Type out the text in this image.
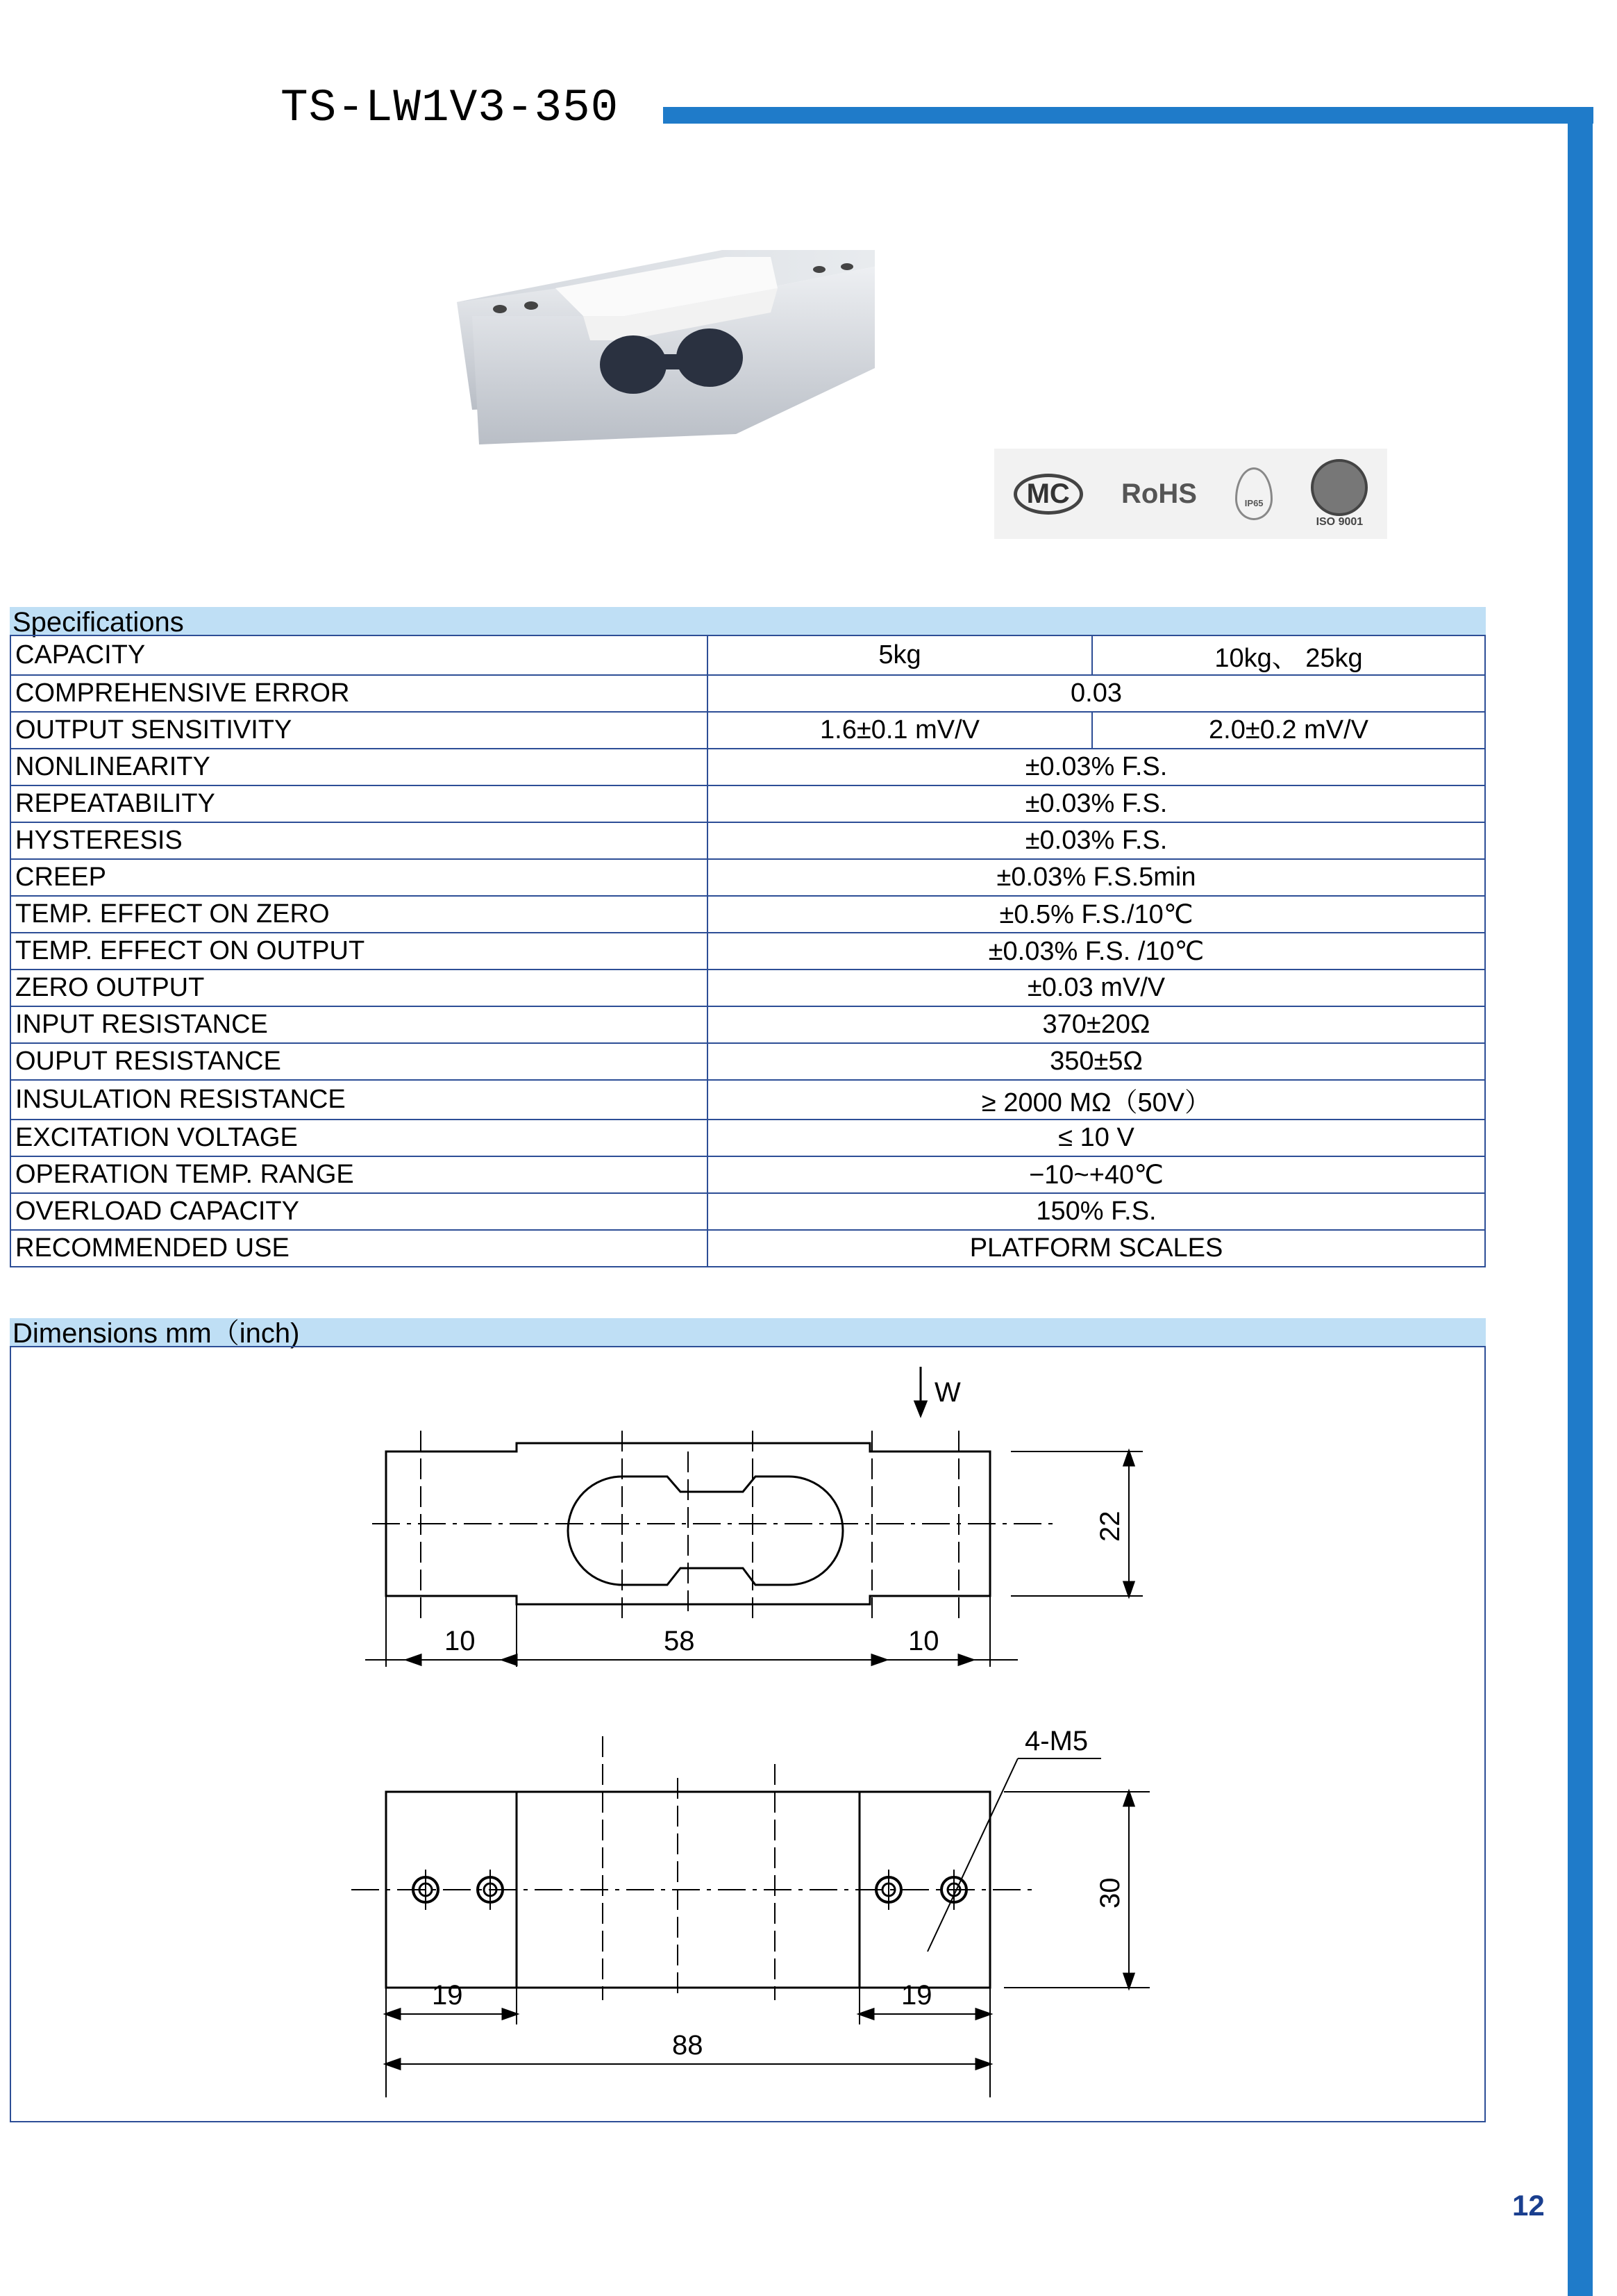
TS-LW1V3-350
MC	RoHS	IP65
ISO 9001
Specifications
CAPACITY	5kg	10kg、 25kg
COMPREHENSIVE ERROR	0.03	
OUTPUT SENSITIVITY	1.6±0.1 mV/V	2.0±0.2 mV/V
NONLINEARITY	±0.03% F.S.	
REPEATABILITY	±0.03% F.S.	
HYSTERESIS	±0.03% F.S.	
CREEP	±0.03% F.S.5min	
TEMP. EFFECT ON ZERO	±0.5% F.S./10℃	
TEMP. EFFECT ON OUTPUT	±0.03% F.S. /10℃	
ZERO OUTPUT	±0.03 mV/V	
INPUT RESISTANCE	370±20Ω	
OUPUT RESISTANCE	350±5Ω	
INSULATION RESISTANCE	≥ 2000 MΩ（50V）	
EXCITATION VOLTAGE	≤ 10 V	
OPERATION TEMP. RANGE	−10~+40℃	
OVERLOAD CAPACITY	150% F.S.	
RECOMMENDED USE	PLATFORM SCALES	
Dimensions mm（inch)
W
22
10	58	10
4-M5
30
19	19
88
12
